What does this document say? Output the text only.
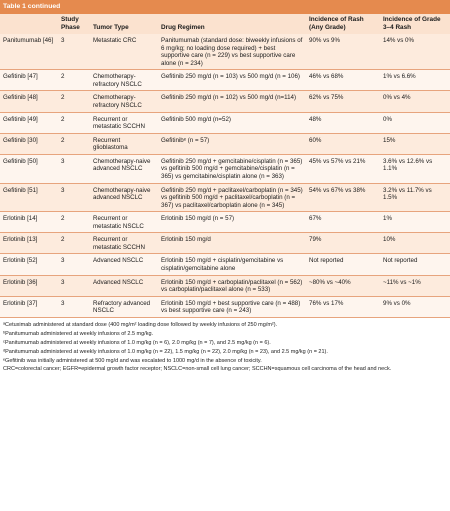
Table 1 continued
	Study Phase	Tumor Type	Drug Regimen	Incidence of Rash (Any Grade)	Incidence of Grade 3–4 Rash
Panitumumab [46]	3	Metastatic CRC	Panitumumab (standard dose: biweekly infusions of 6 mg/kg; no loading dose required) + best supportive care (n = 229) vs best supportive care alone (n = 234)	90% vs 9%	14% vs 0%
Gefitinib [47]	2	Chemotherapy-refractory NSCLC	Gefitinib 250 mg/d (n = 103) vs 500 mg/d (n = 106)	46% vs 68%	1% vs 6.6%
Gefitinib [48]	2	Chemotherapy-refractory NSCLC	Gefitinib 250 mg/d (n = 102) vs 500 mg/d (n=114)	62% vs 75%	0% vs 4%
Gefitinib [49]	2	Recurrent or metastatic SCCHN	Gefitinib 500 mg/d (n=52)	48%	0%
Gefitinib [30]	2	Recurrent glioblastoma	Gefitinibᵉ (n = 57)	60%	15%
Gefitinib [50]	3	Chemotherapy-naive advanced NSCLC	Gefitinib 250 mg/d + gemcitabine/cisplatin (n = 365) vs gefitinib 500 mg/d + gemcitabine/cisplatin (n = 365) vs gemcitabine/cisplatin alone (n = 363)	45% vs 57% vs 21%	3.6% vs 12.6% vs 1.1%
Gefitinib [51]	3	Chemotherapy-naive advanced NSCLC	Gefitinib 250 mg/d + paclitaxel/carboplatin (n = 345) vs gefitinib 500 mg/d + paclitaxel/carboplatin (n = 367) vs paclitaxel/carboplatin alone (n = 345)	54% vs 67% vs 38%	3.2% vs 11.7% vs 1.5%
Erlotinib [14]	2	Recurrent or metastatic NSCLC	Erlotinib 150 mg/d (n = 57)	67%	1%
Erlotinib [13]	2	Recurrent or metastatic SCCHN	Erlotinib 150 mg/d	79%	10%
Erlotinib [52]	3	Advanced NSCLC	Erlotinib 150 mg/d + cisplatin/gemcitabine vs cisplatin/gemcitabine alone	Not reported	Not reported
Erlotinib [36]	3	Advanced NSCLC	Erlotinib 150 mg/d + carboplatin/paclitaxel (n = 562) vs carboplatin/paclitaxel alone (n = 533)	~80% vs ~40%	~11% vs ~1%
Erlotinib [37]	3	Refractory advanced NSCLC	Erlotinib 150 mg/d + best supportive care (n = 488) vs best supportive care (n = 243)	76% vs 17%	9% vs 0%
ᵃCetuximab administered at standard dose (400 mg/m² loading dose followed by weekly infusions of 250 mg/m²).
ᵇPanitumumab administered at weekly infusions of 2.5 mg/kg.
ᶜPanitumumab administered at weekly infusions of 1.0 mg/kg (n = 6), 2.0 mg/kg (n = 7), and 2.5 mg/kg (n = 6).
ᵈPanitumumab administered at weekly infusions of 1.0 mg/kg (n = 22), 1.5 mg/kg (n = 22), 2.0 mg/kg (n = 23), and 2.5 mg/kg (n = 21).
ᵉGefitinib was initially administered at 500 mg/d and was escalated to 1000 mg/d in the absence of toxicity.
CRC=colorectal cancer; EGFR=epidermal growth factor receptor; NSCLC=non-small cell lung cancer; SCCHN=squamous cell carcinoma of the head and neck.
